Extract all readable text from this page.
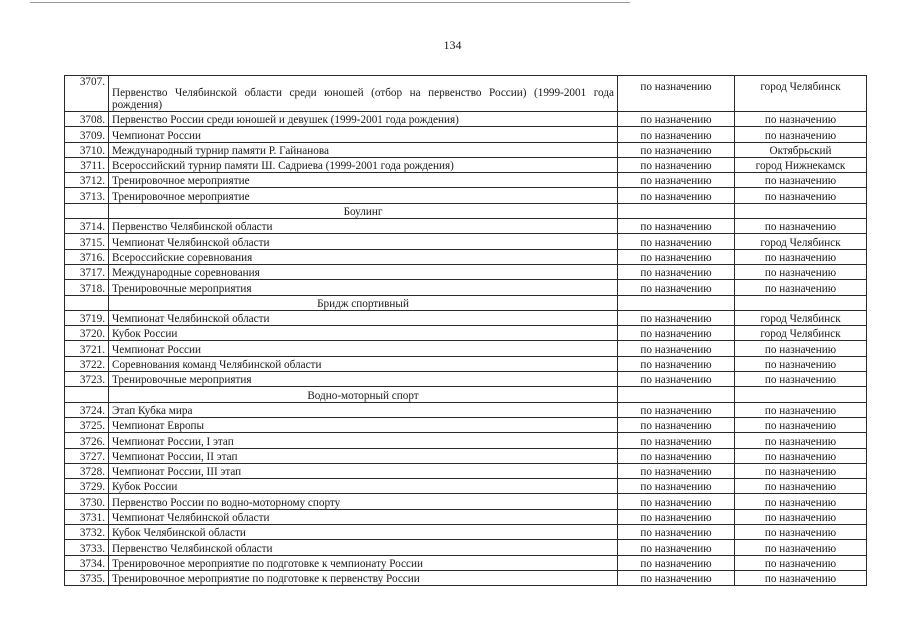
134
3707.	Первенство Челябинской области среди юношей (отбор на первенство России) (1999-2001 года рождения)	по назначению	город Челябинск
3708.	Первенство России среди юношей и девушек (1999-2001 года рождения)	по назначению	по назначению
3709.	Чемпионат России	по назначению	по назначению
3710.	Международный турнир памяти Р. Гайнанова	по назначению	Октябрьский
3711.	Всероссийский турнир памяти Ш. Садриева (1999-2001 года рождения)	по назначению	город Нижнекамск
3712.	Тренировочное мероприятие	по назначению	по назначению
3713.	Тренировочное мероприятие	по назначению	по назначению
	Боулинг		
3714.	Первенство Челябинской области	по назначению	по назначению
3715.	Чемпионат Челябинской области	по назначению	город Челябинск
3716.	Всероссийские соревнования	по назначению	по назначению
3717.	Международные соревнования	по назначению	по назначению
3718.	Тренировочные мероприятия	по назначению	по назначению
	Бридж спортивный		
3719.	Чемпионат Челябинской области	по назначению	город Челябинск
3720.	Кубок России	по назначению	город Челябинск
3721.	Чемпионат России	по назначению	по назначению
3722.	Соревнования команд Челябинской области	по назначению	по назначению
3723.	Тренировочные мероприятия	по назначению	по назначению
	Водно-моторный спорт		
3724.	Этап Кубка мира	по назначению	по назначению
3725.	Чемпионат Европы	по назначению	по назначению
3726.	Чемпионат России, I этап	по назначению	по назначению
3727.	Чемпионат России, II этап	по назначению	по назначению
3728.	Чемпионат России, III этап	по назначению	по назначению
3729.	Кубок России	по назначению	по назначению
3730.	Первенство России по водно-моторному спорту	по назначению	по назначению
3731.	Чемпионат Челябинской области	по назначению	по назначению
3732.	Кубок Челябинской области	по назначению	по назначению
3733.	Первенство Челябинской области	по назначению	по назначению
3734.	Тренировочное мероприятие по подготовке к чемпионату России	по назначению	по назначению
3735.	Тренировочное мероприятие по подготовке к первенству России	по назначению	по назначению
